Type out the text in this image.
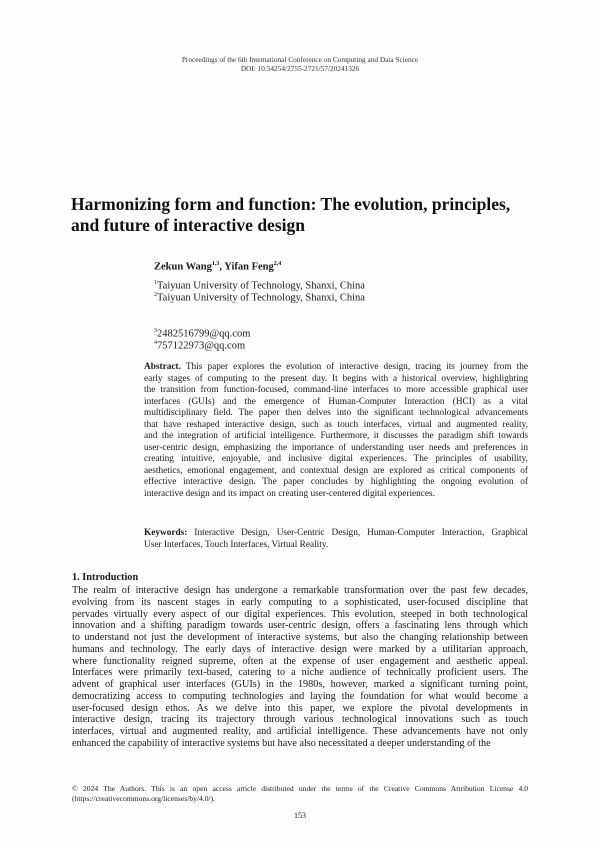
Proceedings of the 6th International Conference on Computing and Data Science
DOI: 10.54254/2755-2721/57/20241326
Harmonizing form and function: The evolution, principles,
and future of interactive design
Zekun Wang$^{1,3}$, Yifan Feng$^{2,4}$
$^1$Taiyuan University of Technology, Shanxi, China
$^2$Taiyuan University of Technology, Shanxi, China
$^3$2482516799@qq.com
$^4$757122973@qq.com
Abstract. This paper explores the evolution of interactive design, tracing its journey from the
early stages of computing to the present day. It begins with a historical overview, highlighting
the transition from function-focused, command-line interfaces to more accessible graphical user
interfaces (GUIs) and the emergence of Human-Computer Interaction (HCI) as a vital
multidisciplinary field. The paper then delves into the significant technological advancements
that have reshaped interactive design, such as touch interfaces, virtual and augmented reality,
and the integration of artificial intelligence. Furthermore, it discusses the paradigm shift towards
user-centric design, emphasizing the importance of understanding user needs and preferences in
creating intuitive, enjoyable, and inclusive digital experiences. The principles of usability,
aesthetics, emotional engagement, and contextual design are explored as critical components of
effective interactive design. The paper concludes by highlighting the ongoing evolution of
interactive design and its impact on creating user-centered digital experiences.
Keywords: Interactive Design, User-Centric Design, Human-Computer Interaction, Graphical
User Interfaces, Touch Interfaces, Virtual Reality.
1. Introduction
The realm of interactive design has undergone a remarkable transformation over the past few decades,
evolving from its nascent stages in early computing to a sophisticated, user-focused discipline that
pervades virtually every aspect of our digital experiences. This evolution, steeped in both technological
innovation and a shifting paradigm towards user-centric design, offers a fascinating lens through which
to understand not just the development of interactive systems, but also the changing relationship between
humans and technology. The early days of interactive design were marked by a utilitarian approach,
where functionality reigned supreme, often at the expense of user engagement and aesthetic appeal.
Interfaces were primarily text-based, catering to a niche audience of technically proficient users. The
advent of graphical user interfaces (GUIs) in the 1980s, however, marked a significant turning point,
democratizing access to computing technologies and laying the foundation for what would become a
user-focused design ethos. As we delve into this paper, we explore the pivotal developments in
interactive design, tracing its trajectory through various technological innovations such as touch
interfaces, virtual and augmented reality, and artificial intelligence. These advancements have not only
enhanced the capability of interactive systems but have also necessitated a deeper understanding of the
© 2024 The Authors. This is an open access article distributed under the terms of the Creative Commons Attribution License 4.0
(https://creativecommons.org/licenses/by/4.0/).
153
